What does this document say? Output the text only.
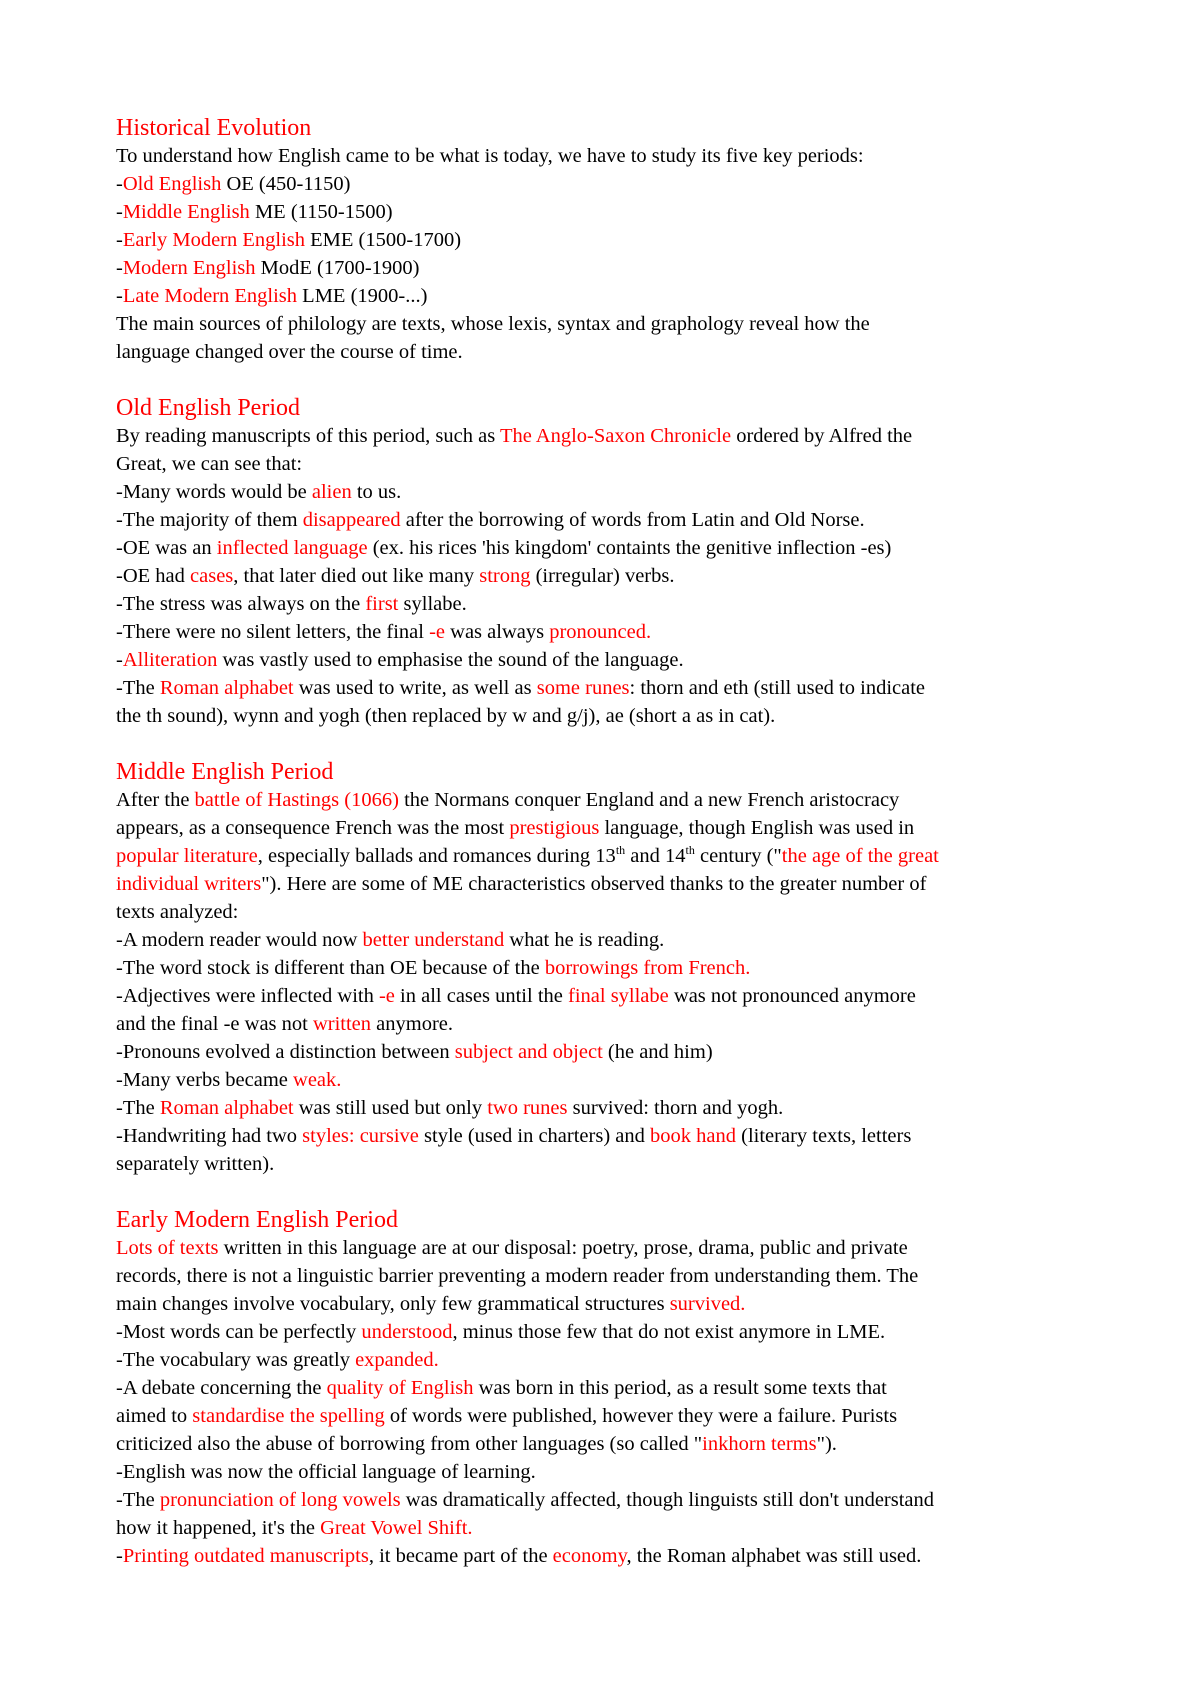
Historical Evolution

To understand how English came to be what is today, we have to study its five key periods:

-Old English OE (450-1150)

-Middle English ME (1150-1500)

-Early Modern English EME (1500-1700)

-Modern English ModE (1700-1900)

-Late Modern English LME (1900-...)

The main sources of philology are texts, whose lexis, syntax and graphology reveal how the

language changed over the course of time.

Old English Period

By reading manuscripts of this period, such as The Anglo-Saxon Chronicle ordered by Alfred the

Great, we can see that:

-Many words would be alien to us.

-The majority of them disappeared after the borrowing of words from Latin and Old Norse.

-OE was an inflected language (ex. his rices 'his kingdom' containts the genitive inflection -es)

-OE had cases, that later died out like many strong (irregular) verbs.

-The stress was always on the first syllabe.

-There were no silent letters, the final -e was always pronounced.

-Alliteration was vastly used to emphasise the sound of the language.

-The Roman alphabet was used to write, as well as some runes: thorn and eth (still used to indicate

the th sound), wynn and yogh (then replaced by w and g/j), ae (short a as in cat).

Middle English Period

After the battle of Hastings (1066) the Normans conquer England and a new French aristocracy

appears, as a consequence French was the most prestigious language, though English was used in

popular literature, especially ballads and romances during 13th and 14th century ("the age of the great

individual writers"). Here are some of ME characteristics observed thanks to the greater number of

texts analyzed:

-A modern reader would now better understand what he is reading.

-The word stock is different than OE because of the borrowings from French.

-Adjectives were inflected with -e in all cases until the final syllabe was not pronounced anymore

and the final -e was not written anymore.

-Pronouns evolved a distinction between subject and object (he and him)

-Many verbs became weak.

-The Roman alphabet was still used but only two runes survived: thorn and yogh.

-Handwriting had two styles: cursive style (used in charters) and book hand (literary texts, letters

separately written).

Early Modern English Period

Lots of texts written in this language are at our disposal: poetry, prose, drama, public and private

records, there is not a linguistic barrier preventing a modern reader from understanding them. The

main changes involve vocabulary, only few grammatical structures survived.

-Most words can be perfectly understood, minus those few that do not exist anymore in LME.

-The vocabulary was greatly expanded.

-A debate concerning the quality of English was born in this period, as a result some texts that

aimed to standardise the spelling of words were published, however they were a failure. Purists

criticized also the abuse of borrowing from other languages (so called "inkhorn terms").

-English was now the official language of learning.

-The pronunciation of long vowels was dramatically affected, though linguists still don't understand

how it happened, it's the Great Vowel Shift.

-Printing outdated manuscripts, it became part of the economy, the Roman alphabet was still used.
